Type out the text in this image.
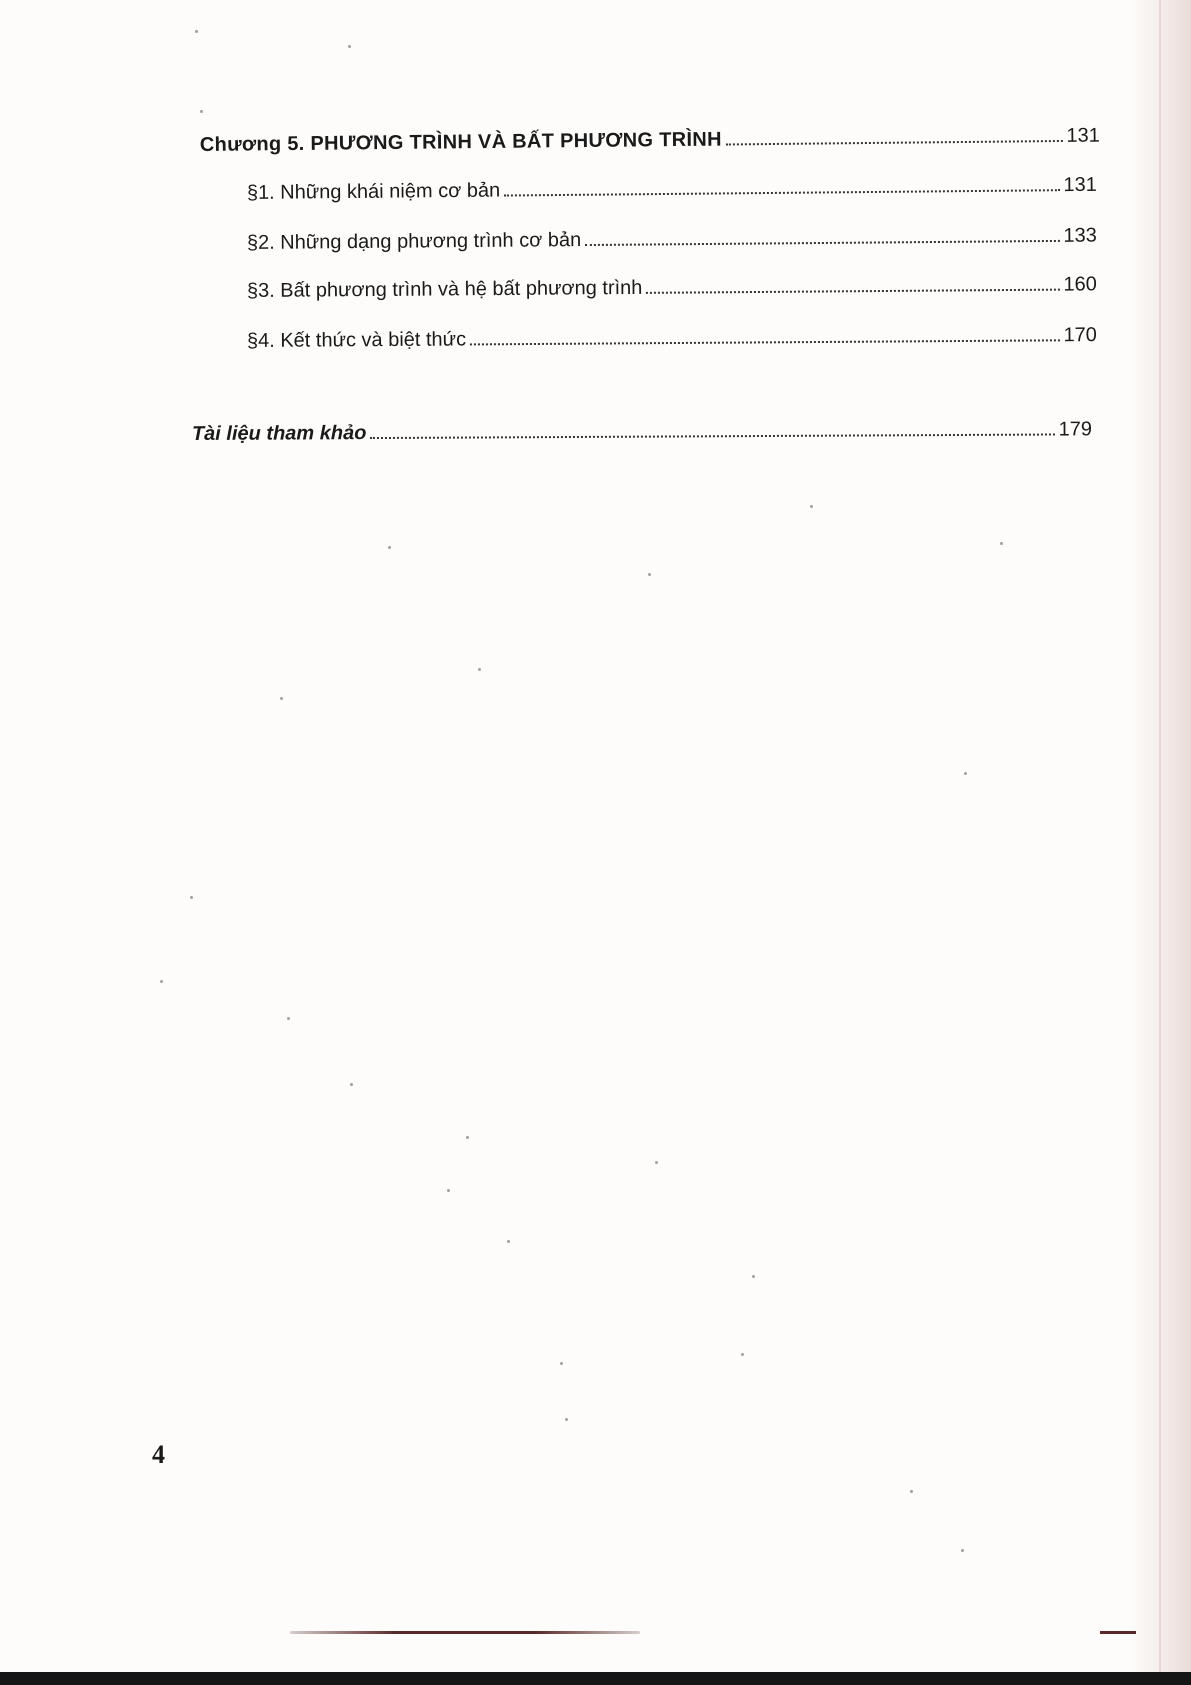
Chương 5. PHƯƠNG TRÌNH VÀ BẤT PHƯƠNG TRÌNH	131
§1. Những khái niệm cơ bản	131
§2. Những dạng phương trình cơ bản	133
§3. Bất phương trình và hệ bất phương trình	160
§4. Kết thức và biệt thức	170
Tài liệu tham khảo	179
4
